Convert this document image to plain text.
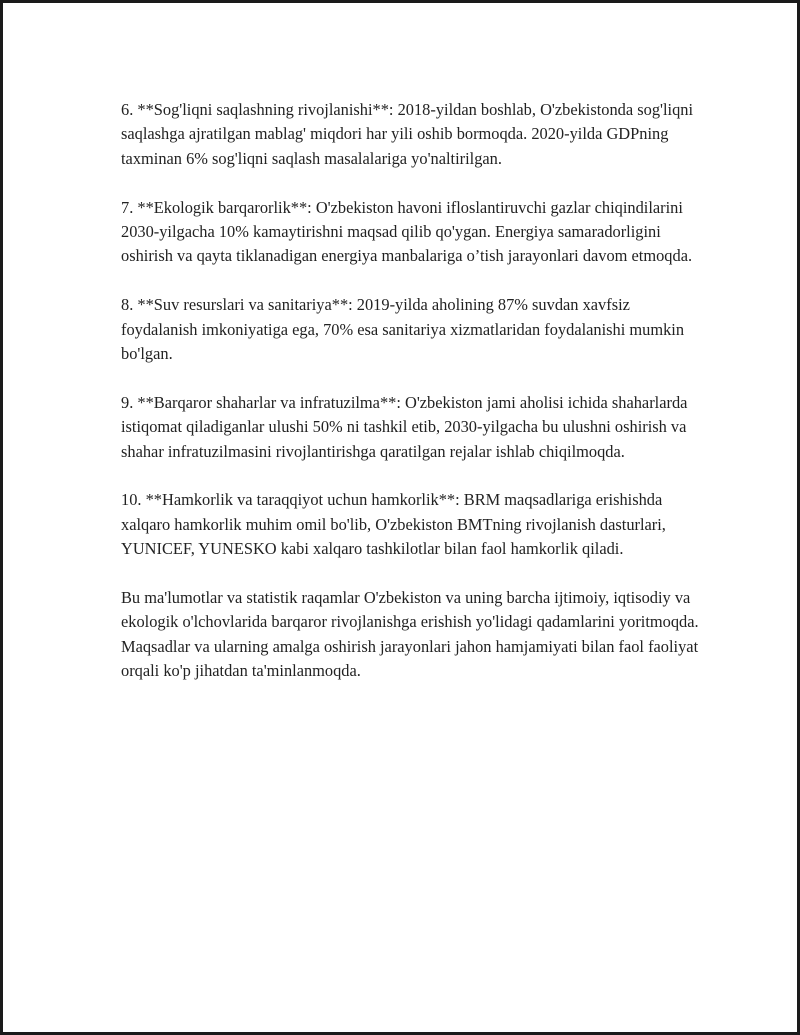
6. **Sog'liqni saqlashning rivojlanishi**: 2018-yildan boshlab, O'zbekistonda sog'liqni saqlashga ajratilgan mablag' miqdori har yili oshib bormoqda. 2020-yilda GDPning taxminan 6% sog'liqni saqlash masalalariga yo'naltirilgan.

7. **Ekologik barqarorlik**: O'zbekiston havoni ifloslantiruvchi gazlar chiqindilarini 2030-yilgacha 10% kamaytirishni maqsad qilib qo'ygan. Energiya samaradorligini oshirish va qayta tiklanadigan energiya manbalariga o’tish jarayonlari davom etmoqda.

8. **Suv resurslari va sanitariya**: 2019-yilda aholining 87% suvdan xavfsiz foydalanish imkoniyatiga ega, 70% esa sanitariya xizmatlaridan foydalanishi mumkin bo'lgan.

9. **Barqaror shaharlar va infratuzilma**: O'zbekiston jami aholisi ichida shaharlarda istiqomat qiladiganlar ulushi 50% ni tashkil etib, 2030-yilgacha bu ulushni oshirish va shahar infratuzilmasini rivojlantirishga qaratilgan rejalar ishlab chiqilmoqda.

10. **Hamkorlik va taraqqiyot uchun hamkorlik**: BRM maqsadlariga erishishda xalqaro hamkorlik muhim omil bo'lib, O'zbekiston BMTning rivojlanish dasturlari, YUNICEF, YUNESKO kabi xalqaro tashkilotlar bilan faol hamkorlik qiladi.

Bu ma'lumotlar va statistik raqamlar O'zbekiston va uning barcha ijtimoiy, iqtisodiy va ekologik o'lchovlarida barqaror rivojlanishga erishish yo'lidagi qadamlarini yoritmoqda. Maqsadlar va ularning amalga oshirish jarayonlari jahon hamjamiyati bilan faol faoliyat orqali ko'p jihatdan ta'minlanmoqda.
